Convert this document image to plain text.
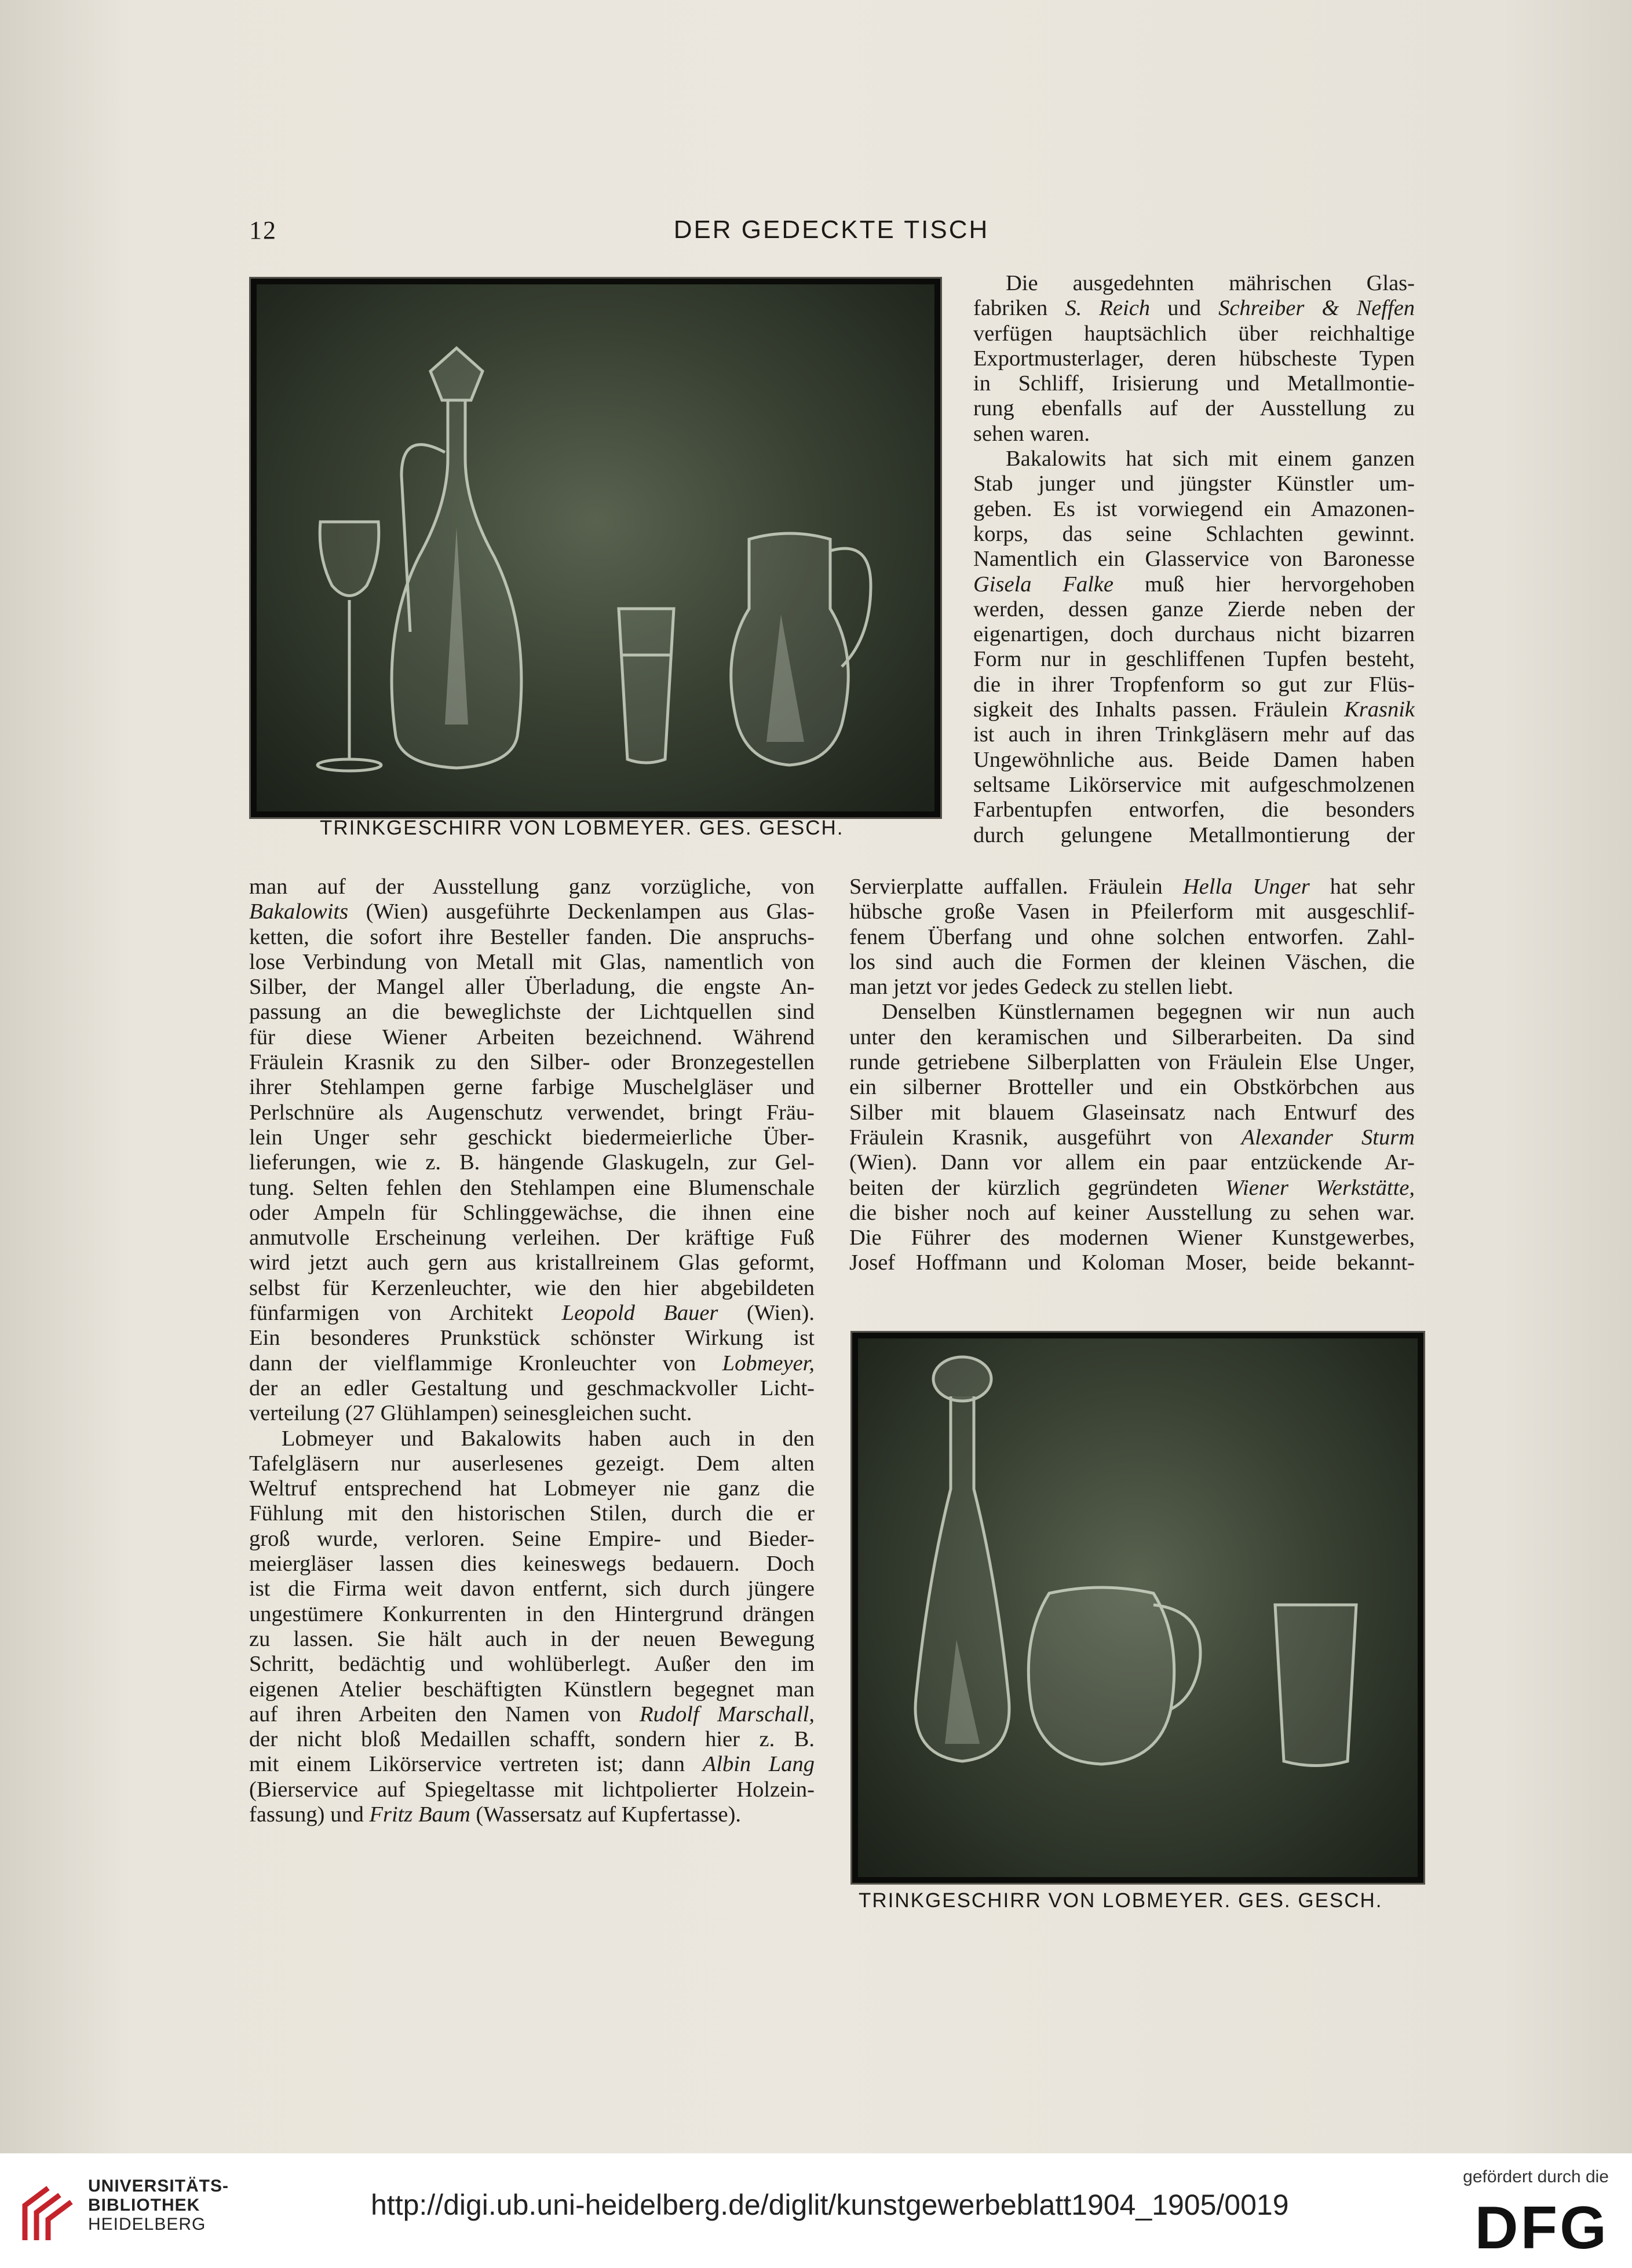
12	DER GEDECKTE TISCH
TRINKGESCHIRR VON LOBMEYER. GES. GESCH.
Die ausgedehnten mährischen Glas-
fabriken S. Reich und Schreiber & Neffen
verfügen hauptsächlich über reichhaltige
Exportmusterlager, deren hübscheste Typen
in Schliff, Irisierung und Metallmontie-
rung ebenfalls auf der Ausstellung zu
sehen waren.
Bakalowits hat sich mit einem ganzen
Stab junger und jüngster Künstler um-
geben. Es ist vorwiegend ein Amazonen-
korps, das seine Schlachten gewinnt.
Namentlich ein Glasservice von Baronesse
Gisela Falke muß hier hervorgehoben
werden, dessen ganze Zierde neben der
eigenartigen, doch durchaus nicht bizarren
Form nur in geschliffenen Tupfen besteht,
die in ihrer Tropfenform so gut zur Flüs-
sigkeit des Inhalts passen. Fräulein Krasnik
ist auch in ihren Trinkgläsern mehr auf das
Ungewöhnliche aus. Beide Damen haben
seltsame Likörservice mit aufgeschmolzenen
Farbentupfen entworfen, die besonders
durch gelungene Metallmontierung der
man auf der Ausstellung ganz vorzügliche, von
Bakalowits (Wien) ausgeführte Deckenlampen aus Glas-
ketten, die sofort ihre Besteller fanden. Die anspruchs-
lose Verbindung von Metall mit Glas, namentlich von
Silber, der Mangel aller Überladung, die engste An-
passung an die beweglichste der Lichtquellen sind
für diese Wiener Arbeiten bezeichnend. Während
Fräulein Krasnik zu den Silber- oder Bronzegestellen
ihrer Stehlampen gerne farbige Muschelgläser und
Perlschnüre als Augenschutz verwendet, bringt Fräu-
lein Unger sehr geschickt biedermeierliche Über-
lieferungen, wie z. B. hängende Glaskugeln, zur Gel-
tung. Selten fehlen den Stehlampen eine Blumenschale
oder Ampeln für Schlinggewächse, die ihnen eine
anmutvolle Erscheinung verleihen. Der kräftige Fuß
wird jetzt auch gern aus kristallreinem Glas geformt,
selbst für Kerzenleuchter, wie den hier abgebildeten
fünfarmigen von Architekt Leopold Bauer (Wien).
Ein besonderes Prunkstück schönster Wirkung ist
dann der vielflammige Kronleuchter von Lobmeyer,
der an edler Gestaltung und geschmackvoller Licht-
verteilung (27 Glühlampen) seinesgleichen sucht.
Lobmeyer und Bakalowits haben auch in den
Tafelgläsern nur auserlesenes gezeigt. Dem alten
Weltruf entsprechend hat Lobmeyer nie ganz die
Fühlung mit den historischen Stilen, durch die er
groß wurde, verloren. Seine Empire- und Bieder-
meiergläser lassen dies keineswegs bedauern. Doch
ist die Firma weit davon entfernt, sich durch jüngere
ungestümere Konkurrenten in den Hintergrund drängen
zu lassen. Sie hält auch in der neuen Bewegung
Schritt, bedächtig und wohlüberlegt. Außer den im
eigenen Atelier beschäftigten Künstlern begegnet man
auf ihren Arbeiten den Namen von Rudolf Marschall,
der nicht bloß Medaillen schafft, sondern hier z. B.
mit einem Likörservice vertreten ist; dann Albin Lang
(Bierservice auf Spiegeltasse mit lichtpolierter Holzein-
fassung) und Fritz Baum (Wassersatz auf Kupfertasse).
Servierplatte auffallen. Fräulein Hella Unger hat sehr
hübsche große Vasen in Pfeilerform mit ausgeschlif-
fenem Überfang und ohne solchen entworfen. Zahl-
los sind auch die Formen der kleinen Väschen, die
man jetzt vor jedes Gedeck zu stellen liebt.
Denselben Künstlernamen begegnen wir nun auch
unter den keramischen und Silberarbeiten. Da sind
runde getriebene Silberplatten von Fräulein Else Unger,
ein silberner Brotteller und ein Obstkörbchen aus
Silber mit blauem Glaseinsatz nach Entwurf des
Fräulein Krasnik, ausgeführt von Alexander Sturm
(Wien). Dann vor allem ein paar entzückende Ar-
beiten der kürzlich gegründeten Wiener Werkstätte,
die bisher noch auf keiner Ausstellung zu sehen war.
Die Führer des modernen Wiener Kunstgewerbes,
Josef Hoffmann und Koloman Moser, beide bekannt-
TRINKGESCHIRR VON LOBMEYER. GES. GESCH.
UNIVERSITÄTS-
BIBLIOTHEK
HEIDELBERG
http://digi.ub.uni-heidelberg.de/diglit/kunstgewerbeblatt1904_1905/0019
gefördert durch die
DFG
